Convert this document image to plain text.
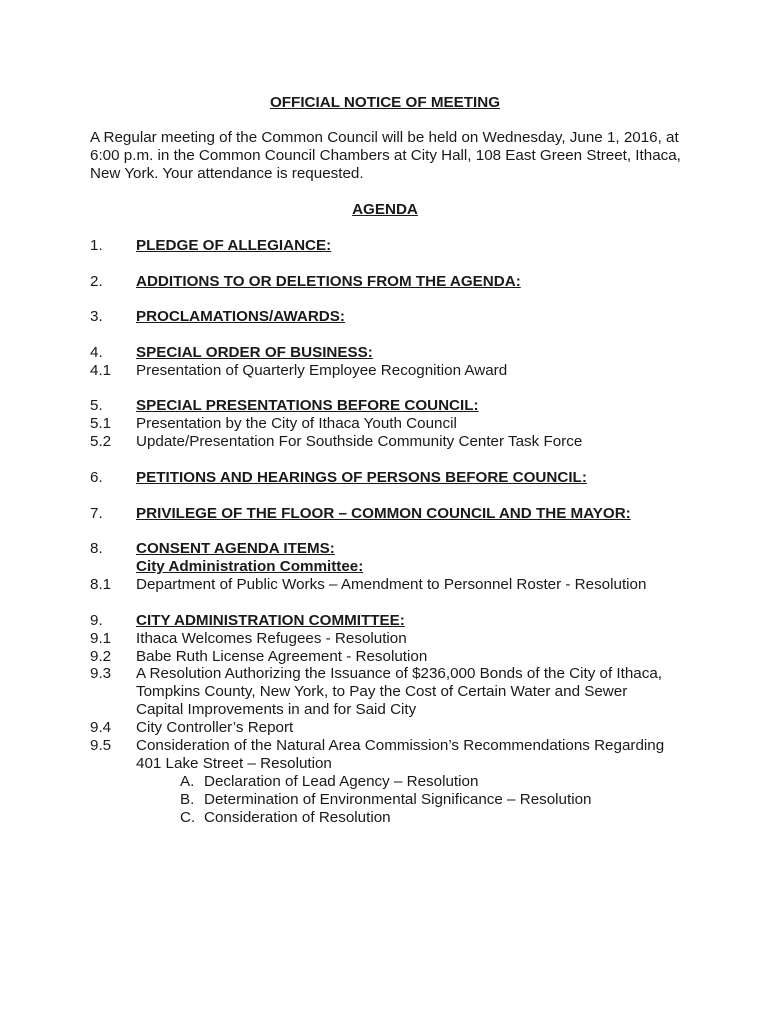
OFFICIAL NOTICE OF MEETING
A Regular meeting of the Common Council will be held on Wednesday, June 1, 2016, at
6:00 p.m. in the Common Council Chambers at City Hall, 108 East Green Street, Ithaca,
New York. Your attendance is requested.
AGENDA
1.	PLEDGE OF ALLEGIANCE:
2.	ADDITIONS TO OR DELETIONS FROM THE AGENDA:
3.	PROCLAMATIONS/AWARDS:
4.	SPECIAL ORDER OF BUSINESS:
4.1	Presentation of Quarterly Employee Recognition Award
5.	SPECIAL PRESENTATIONS BEFORE COUNCIL:
5.1	Presentation by the City of Ithaca Youth Council
5.2	Update/Presentation For Southside Community Center Task Force
6.	PETITIONS AND HEARINGS OF PERSONS BEFORE COUNCIL:
7.	PRIVILEGE OF THE FLOOR – COMMON COUNCIL AND THE MAYOR:
8.	CONSENT AGENDA ITEMS:
City Administration Committee:
8.1	Department of Public Works – Amendment to Personnel Roster - Resolution
9.	CITY ADMINISTRATION COMMITTEE:
9.1	Ithaca Welcomes Refugees - Resolution
9.2	Babe Ruth License Agreement - Resolution
9.3	A Resolution Authorizing the Issuance of $236,000 Bonds of the City of Ithaca,
Tompkins County, New York, to Pay the Cost of Certain Water and Sewer
Capital Improvements in and for Said City
9.4	City Controller’s Report
9.5	Consideration of the Natural Area Commission’s Recommendations Regarding
401 Lake Street – Resolution
A. Declaration of Lead Agency – Resolution
B. Determination of Environmental Significance – Resolution
C. Consideration of Resolution
